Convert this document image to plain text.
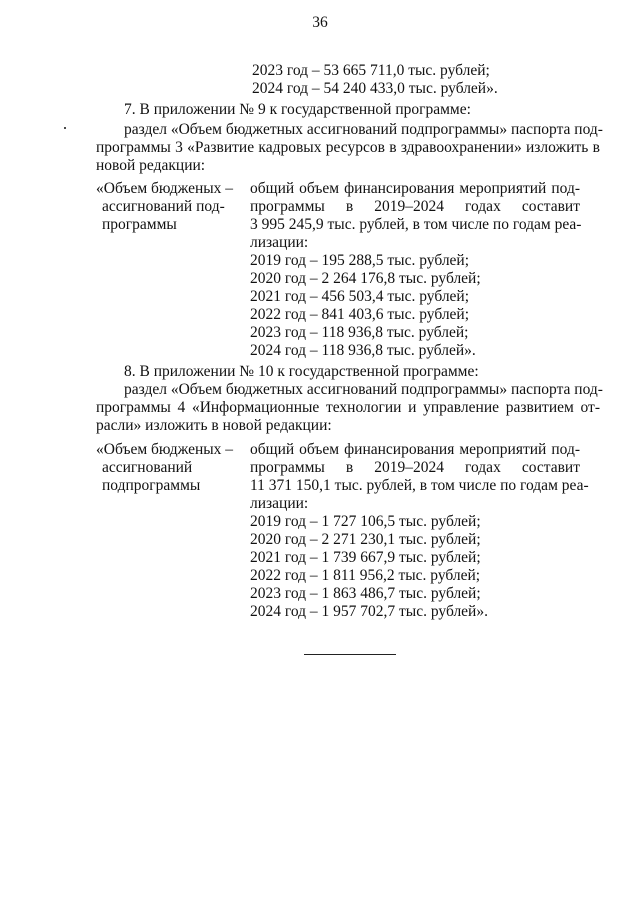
36
2023 год – 53 665 711,0 тыс. рублей;
2024 год – 54 240 433,0 тыс. рублей».
7. В приложении № 9 к государственной программе:
раздел «Объем бюджетных ассигнований подпрограммы» паспорта под-
программы 3 «Развитие кадровых ресурсов в здравоохранении» изложить в
новой редакции:
«Объем бюдженых –
ассигнований под-
программы
общий объем финансирования мероприятий под-
программы в 2019–2024 годах составит
3 995 245,9 тыс. рублей, в том числе по годам реа-
лизации:
2019 год – 195 288,5 тыс. рублей;
2020 год – 2 264 176,8 тыс. рублей;
2021 год – 456 503,4 тыс. рублей;
2022 год – 841 403,6 тыс. рублей;
2023 год – 118 936,8 тыс. рублей;
2024 год – 118 936,8 тыс. рублей».
8. В приложении № 10 к государственной программе:
раздел «Объем бюджетных ассигнований подпрограммы» паспорта под-
программы 4 «Информационные технологии и управление развитием от-
расли» изложить в новой редакции:
«Объем бюдженых –
ассигнований
подпрограммы
общий объем финансирования мероприятий под-
программы в 2019–2024 годах составит
11 371 150,1 тыс. рублей, в том числе по годам реа-
лизации:
2019 год – 1 727 106,5 тыс. рублей;
2020 год – 2 271 230,1 тыс. рублей;
2021 год – 1 739 667,9 тыс. рублей;
2022 год – 1 811 956,2 тыс. рублей;
2023 год – 1 863 486,7 тыс. рублей;
2024 год – 1 957 702,7 тыс. рублей».
